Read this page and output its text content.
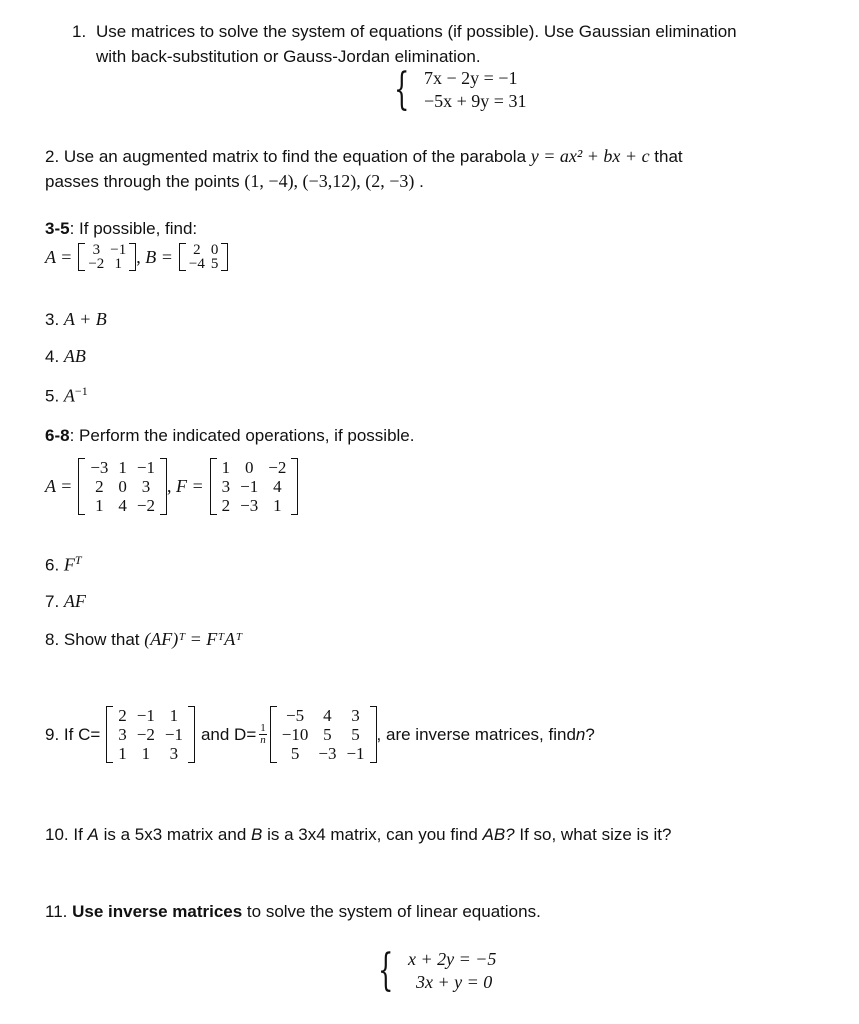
1. Use matrices to solve the system of equations (if possible). Use Gaussian elimination
with back-substitution or Gauss-Jordan elimination.
{ 7x − 2y = −1
−5x + 9y = 31
2. Use an augmented matrix to find the equation of the parabola y = ax² + bx + c that
passes through the points (1, −4), (−3,12), (2, −3) .
3-5: If possible, find:
A = 3	−1
−2	1 , B = 2	0
−4	5
3. A + B
4. AB
5. $A^{-1}$
6-8: Perform the indicated operations, if possible.
A =
−3	1	−1
2	0	3
1	4	−2
, F =
1	0	−2
3	−1	4
2	−3	1
6. $F^T$
7. AF
8. Show that (AF)ᵀ = FᵀAᵀ
9. If C=
2	−1	1
3	−2	−1
1	1	3
and $D= \frac{1}{n}$
−5	4	3
−10	5	5
5	−3	−1
, are inverse matrices, find n ?
10. If A is a 5x3 matrix and B is a 3x4 matrix, can you find AB? If so, what size is it?
11. Use inverse matrices to solve the system of linear equations.
{ x + 2y = −5
3x + y = 0
